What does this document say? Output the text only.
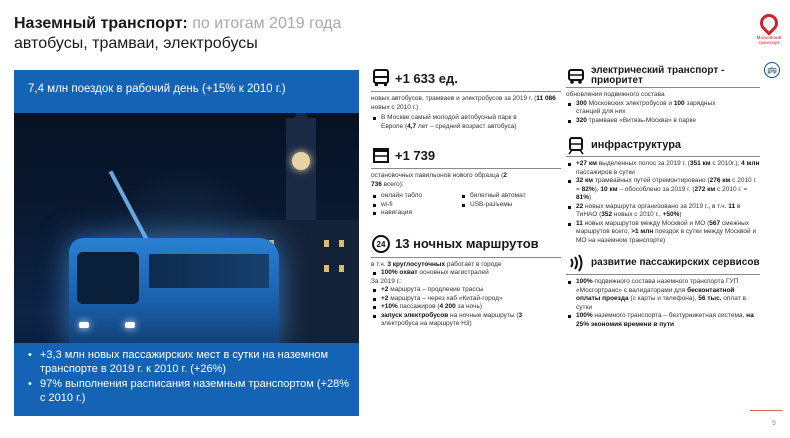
Наземный транспорт: по итогам 2019 года
автобусы, трамваи, электробусы	Московский транспорт
🚌
7,4 млн поездок в рабочий день (+15% к 2010 г.)
• +3,3 млн новых пассажирских мест в сутки на наземном транспорте в 2019 г. к 2010 г. (+26%)
• 97% выполнения расписания наземным транспортом (+28% с 2010 г.)
+1 633 ед.
новых автобусов, трамваев и электробусов за 2019 г. (11 086 новых с 2010 г.)
В Москве самый молодой автобусный парк в Европе (4,7 лет – средний возраст автобуса)
+1 739
остановочных павильонов нового образца (2 736 всего):
онлайн табло	билетный автомат
wi-fi	USB-разъемы
навигация
24 13 ночных маршрутов
в т.ч. 3 круглосуточных работает в городе
100% охват основных магистралей
За 2019 г.:
+2 маршрута – продление трассы
+2 маршрута – через хаб «Китай-город»
+10% пассажиров (4 200 за ночь)
запуск электробусов на ночные маршруты (3 электробуса на маршруте Н3)
электрический транспорт - приоритет
обновления подвижного состава
300 Московских электробусов и 100 зарядных станций для них
320 трамваев «Витязь-Москва» в парке
инфраструктура
+27 км выделенных полос за 2019 г. (351 км с 2010г.); 4 млн пассажиров в сутки
32 км трамвайных путей отремонтировано (276 км с 2010 г. = 82%), 10 км – обособлено за 2019 г. (272 км с 2010 г. = 81%)
22 новых маршрута организовано за 2019 г., в т.ч. 11 в ТиНАО (352 новых с 2010 г., +50%)
11 новых маршрутов между Москвой и МО (567 смежных маршрутов всего, >1 млн поездок в сутки между Москвой и МО на наземном транспорте)
развитие пассажирских сервисов
100% подвижного состава наземного транспорта ГУП «Мосгортранс» с валидаторами для бесконтактной оплаты проезда (с карты и телефона), 56 тыс. оплат в сутки
100% наземного транспорта – безтурникетная система, на 25% экономия времени в пути
9
